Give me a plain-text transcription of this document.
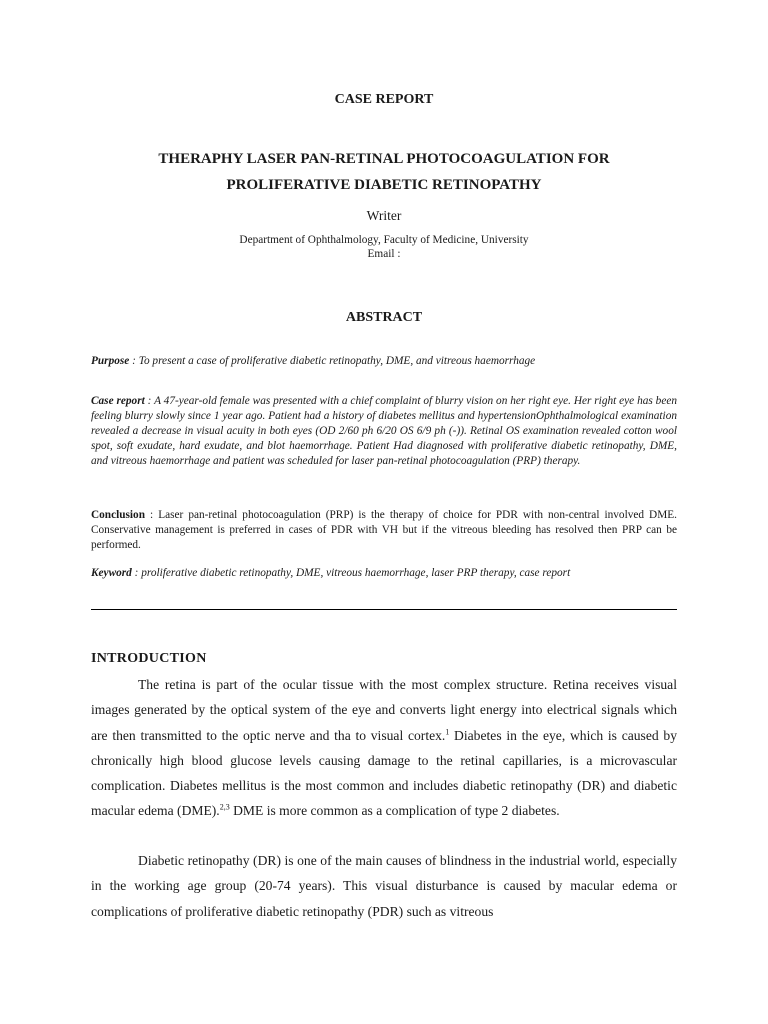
CASE REPORT
THERAPHY LASER PAN-RETINAL PHOTOCOAGULATION FOR
PROLIFERATIVE DIABETIC RETINOPATHY
Writer
Department of Ophthalmology, Faculty of Medicine, University
Email :
ABSTRACT
Purpose : To present a case of proliferative diabetic retinopathy, DME, and vitreous haemorrhage
Case report : A 47-year-old female was presented with a chief complaint of blurry vision on her right eye. Her right eye has been feeling blurry slowly since 1 year ago. Patient had a history of diabetes mellitus and hypertensionOphthalmological examination revealed a decrease in visual acuity in both eyes (OD 2/60 ph 6/20 OS 6/9 ph (-)). Retinal OS examination revealed cotton wool spot, soft exudate, hard exudate, and blot haemorrhage. Patient Had diagnosed with proliferative diabetic retinopathy, DME, and vitreous haemorrhage and patient was scheduled for laser pan-retinal photocoagulation (PRP) therapy.
Conclusion : Laser pan-retinal photocoagulation (PRP) is the therapy of choice for PDR with non-central involved DME. Conservative management is preferred in cases of PDR with VH but if the vitreous bleeding has resolved then PRP can be performed.
Keyword : proliferative diabetic retinopathy, DME, vitreous haemorrhage, laser PRP therapy, case report
INTRODUCTION
The retina is part of the ocular tissue with the most complex structure. Retina receives visual images generated by the optical system of the eye and converts light energy into electrical signals which are then transmitted to the optic nerve and tha to visual cortex.$^1$ Diabetes in the eye, which is caused by chronically high blood glucose levels causing damage to the retinal capillaries, is a microvascular complication. Diabetes mellitus is the most common and includes diabetic retinopathy (DR) and diabetic macular edema (DME).$^{2,3}$ DME is more common as a complication of type 2 diabetes.
Diabetic retinopathy (DR) is one of the main causes of blindness in the industrial world, especially in the working age group (20-74 years). This visual disturbance is caused by macular edema or complications of proliferative diabetic retinopathy (PDR) such as vitreous
